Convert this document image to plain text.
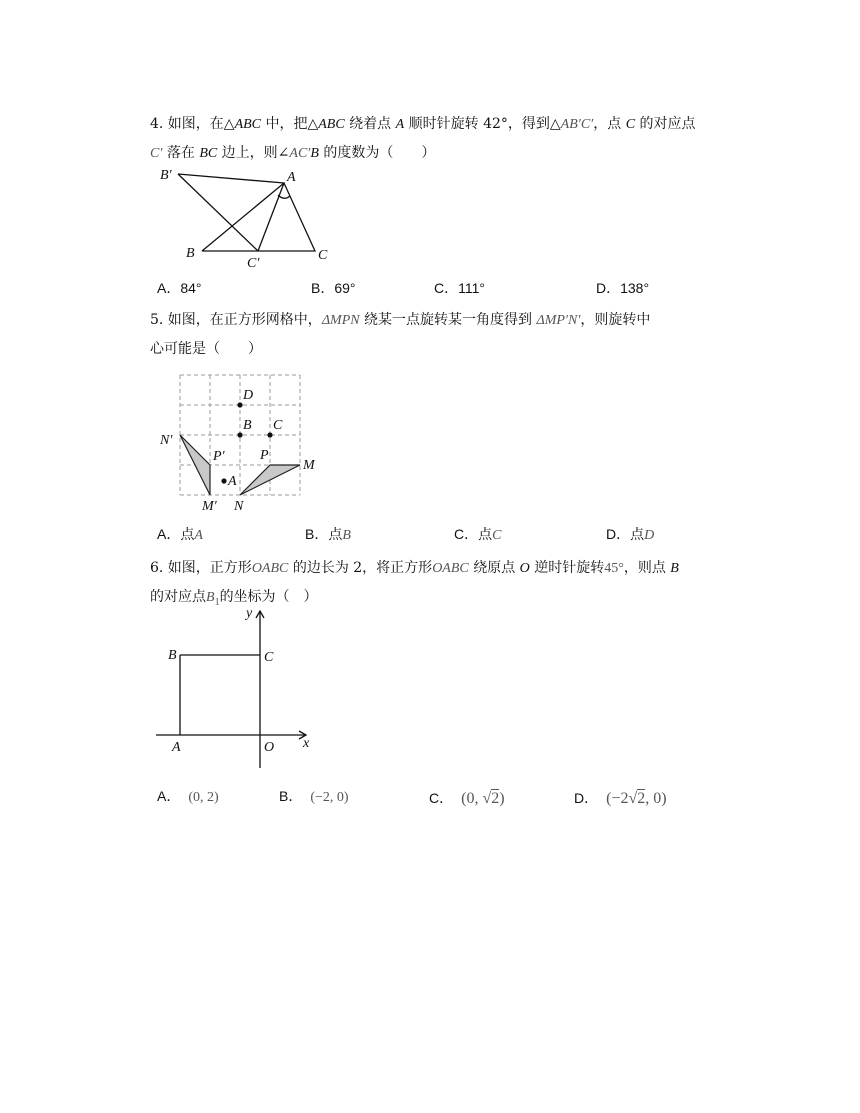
4. 如图，在△ABC 中，把△ABC 绕着点 A 顺时针旋转 42°，得到△AB′C′，点 C 的对应点
C′ 落在 BC 边上，则∠AC′B 的度数为（　　）
B′	A
B
C′
C
A．84°	B．69°	C．111°	D．138°
5. 如图，在正方形网格中，ΔMPN 绕某一点旋转某一角度得到 ΔMP′N′，则旋转中
心可能是（　　）
D
B C
N′
P′	P
M
A
M′ N
A．点A	B．点B	C．点C	D．点D
6. 如图，正方形OABC 的边长为 2，将正方形OABC 绕原点 O 逆时针旋转45°，则点 B
的对应点$B_1$的坐标为（　）
y
B	C
A	O x
A． (0, 2)	B． (−2, 0)	C． (0, √2)	D． (−2√2, 0)
